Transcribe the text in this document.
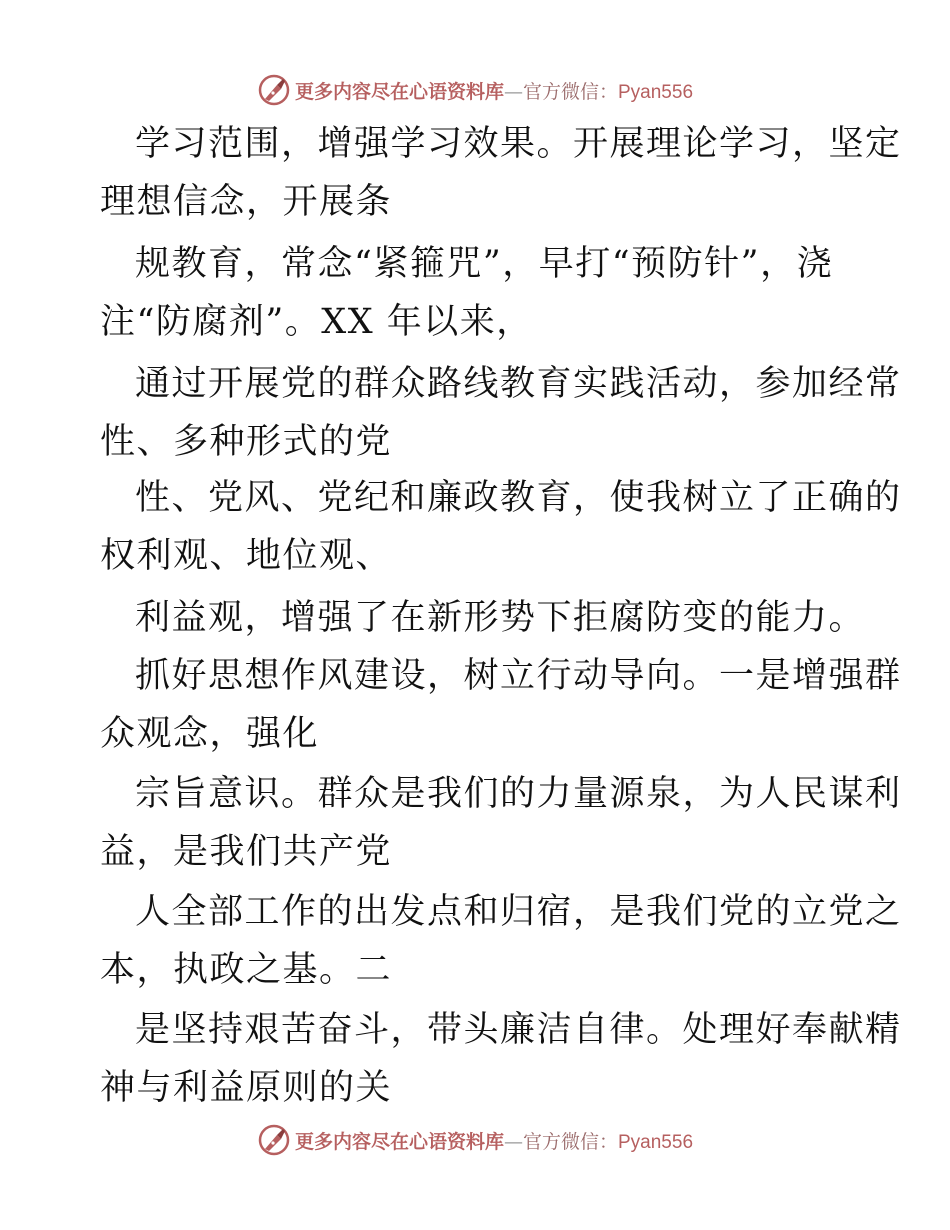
更多内容尽在心语资料库—官方微信：Pyan556
学习范围，增强学习效果。开展理论学习，坚定
理想信念，开展条
规教育，常念“紧箍咒”，早打“预防针”，浇
注“防腐剂”。XX 年以来，
通过开展党的群众路线教育实践活动，参加经常
性、多种形式的党
性、党风、党纪和廉政教育，使我树立了正确的
权利观、地位观、
利益观，增强了在新形势下拒腐防变的能力。
抓好思想作风建设，树立行动导向。一是增强群
众观念，强化
宗旨意识。群众是我们的力量源泉，为人民谋利
益，是我们共产党
人全部工作的出发点和归宿，是我们党的立党之
本，执政之基。二
是坚持艰苦奋斗，带头廉洁自律。处理好奉献精
神与利益原则的关
更多内容尽在心语资料库—官方微信：Pyan556
